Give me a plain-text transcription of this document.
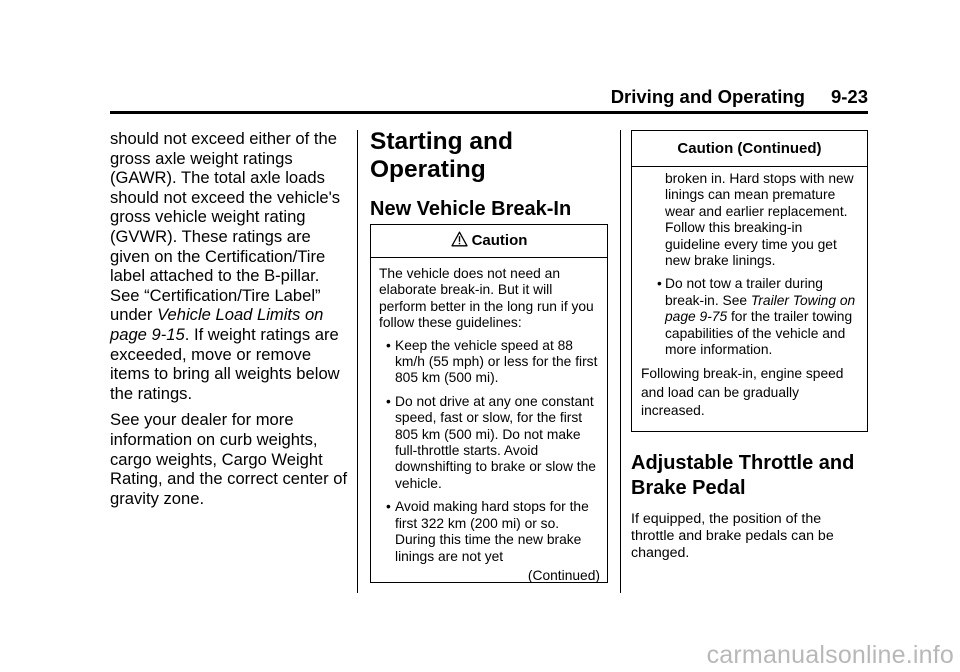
Driving and Operating 9-23

should not exceed either of the gross axle weight ratings (GAWR). The total axle loads should not exceed the vehicle's gross vehicle weight rating (GVWR). These ratings are given on the Certification/Tire label attached to the B-pillar. See “Certification/Tire Label” under Vehicle Load Limits on page 9-15. If weight ratings are exceeded, move or remove items to bring all weights below the ratings.

See your dealer for more information on curb weights, cargo weights, Cargo Weight Rating, and the correct center of gravity zone.

Starting and Operating
New Vehicle Break-In
Caution

The vehicle does not need an elaborate break-in. But it will perform better in the long run if you follow these guidelines:

• Keep the vehicle speed at 88 km/h (55 mph) or less for the first 805 km (500 mi).
• Do not drive at any one constant speed, fast or slow, for the first 805 km (500 mi). Do not make full-throttle starts. Avoid downshifting to brake or slow the vehicle.
• Avoid making hard stops for the first 322 km (200 mi) or so. During this time the new brake linings are not yet
(Continued)
Caution (Continued)

broken in. Hard stops with new linings can mean premature wear and earlier replacement. Follow this breaking-in guideline every time you get new brake linings.

• Do not tow a trailer during break-in. See Trailer Towing on page 9-75 for the trailer towing capabilities of the vehicle and more information.

Following break-in, engine speed and load can be gradually increased.

Adjustable Throttle and Brake Pedal

If equipped, the position of the throttle and brake pedals can be changed.

carmanualsonline.info
